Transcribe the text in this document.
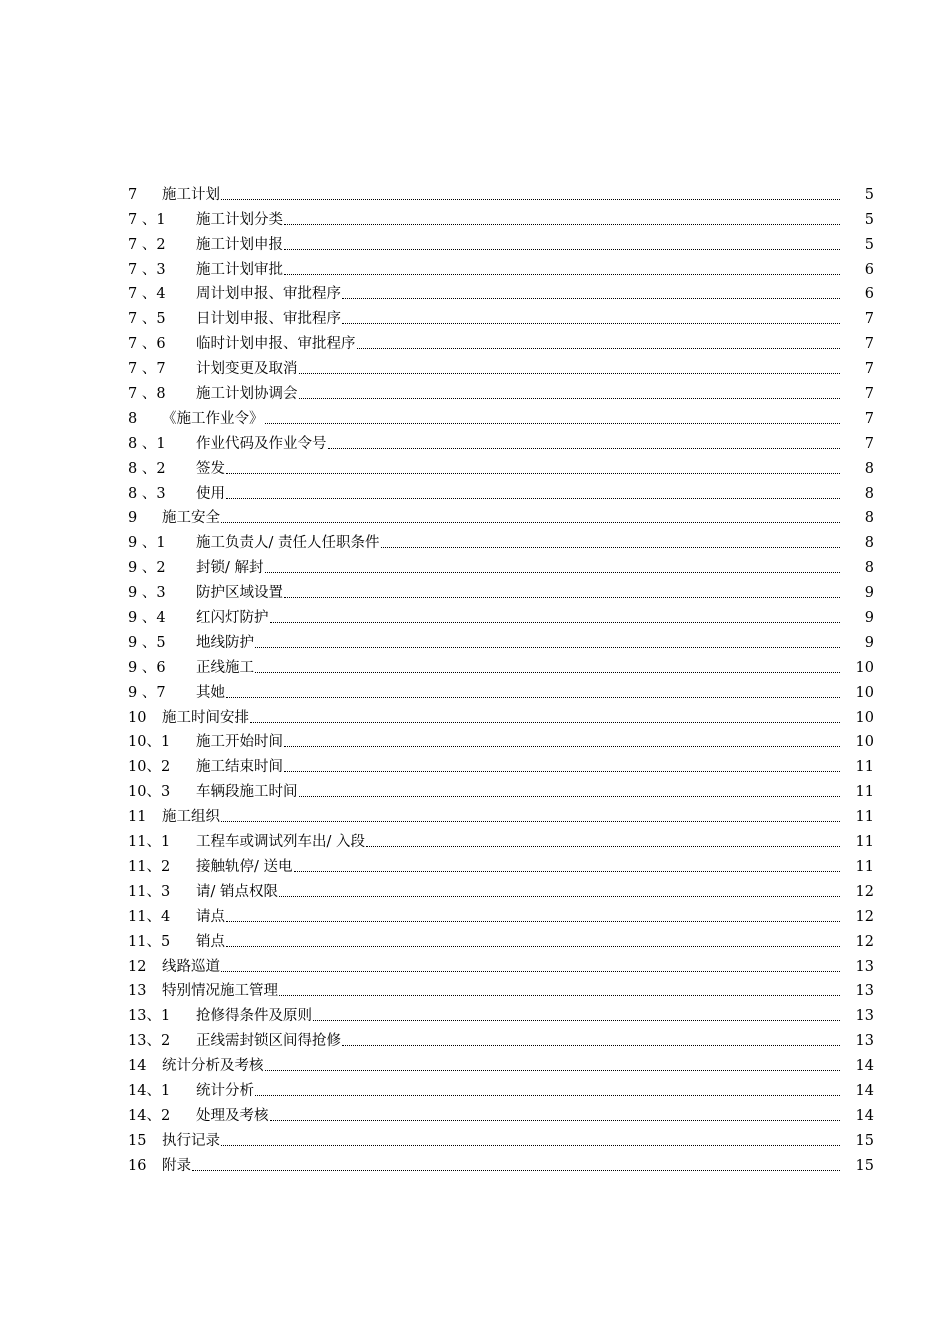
7	施工计划	5
7 、1	施工计划分类	5
7 、2	施工计划申报	5
7 、3	施工计划审批	6
7 、4	周计划申报、审批程序	6
7 、5	日计划申报、审批程序	7
7 、6	临时计划申报、审批程序	7
7 、7	计划变更及取消	7
7 、8	施工计划协调会	7
8	《施工作业令》	7
8 、1	作业代码及作业令号	7
8 、2	签发	8
8 、3	使用	8
9	施工安全	8
9 、1	施工负责人/ 责任人任职条件	8
9 、2	封锁/ 解封	8
9 、3	防护区域设置	9
9 、4	红闪灯防护	9
9 、5	地线防护	9
9 、6	正线施工	10
9 、7	其她	10
10	施工时间安排	10
10、1	施工开始时间	10
10、2	施工结束时间	11
10、3	车辆段施工时间	11
11	施工组织	11
11、1	工程车或调试列车出/ 入段	11
11、2	接触轨停/ 送电	11
11、3	请/ 销点权限	12
11、4	请点	12
11、5	销点	12
12	线路巡道	13
13	特别情况施工管理	13
13、1	抢修得条件及原则	13
13、2	正线需封锁区间得抢修	13
14	统计分析及考核	14
14、1	统计分析	14
14、2	处理及考核	14
15	执行记录	15
16	附录	15
